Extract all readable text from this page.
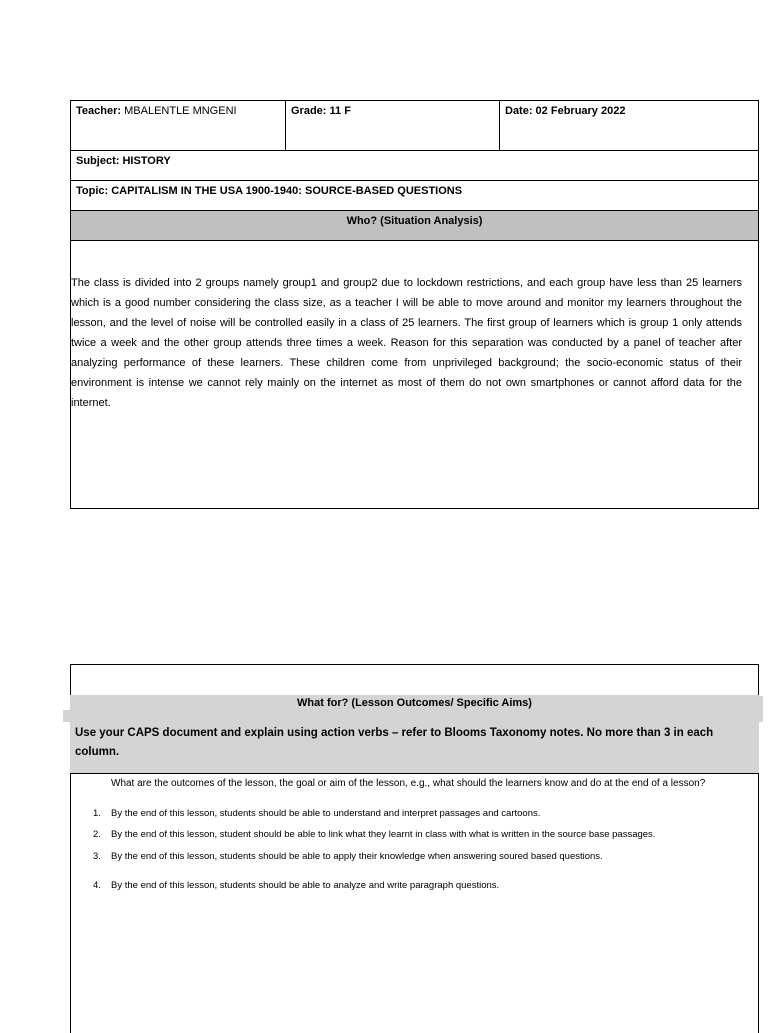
Teacher: MBALENTLE MNGENI	Grade: 11 F	Date: 02 February 2022
Subject: HISTORY
Topic: CAPITALISM IN THE USA 1900-1940: SOURCE-BASED QUESTIONS
Who? (Situation Analysis)
The class is divided into 2 groups namely group1 and group2 due to lockdown restrictions, and each group have less than 25 learners which is a good number considering the class size, as a teacher I will be able to move around and monitor my learners throughout the lesson, and the level of noise will be controlled easily in a class of 25 learners. The first group of learners which is group 1 only attends twice a week and the other group attends three times a week. Reason for this separation was conducted by a panel of teacher after analyzing performance of these learners. These children come from unprivileged background; the socio-economic status of their environment is intense we cannot rely mainly on the internet as most of them do not own smartphones or cannot afford data for the internet.
What for? (Lesson Outcomes/ Specific Aims)
Use your CAPS document and explain using action verbs – refer to Blooms Taxonomy notes. No more than 3 in each column.
What are the outcomes of the lesson, the goal or aim of the lesson, e.g., what should the learners know and do at the end of a lesson?
1. By the end of this lesson, students should be able to understand and interpret passages and cartoons.
2. By the end of this lesson, student should be able to link what they learnt in class with what is written in the source base passages.
3. By the end of this lesson, students should be able to apply their knowledge when answering soured based questions.
4. By the end of this lesson, students should be able to analyze and write paragraph questions.
